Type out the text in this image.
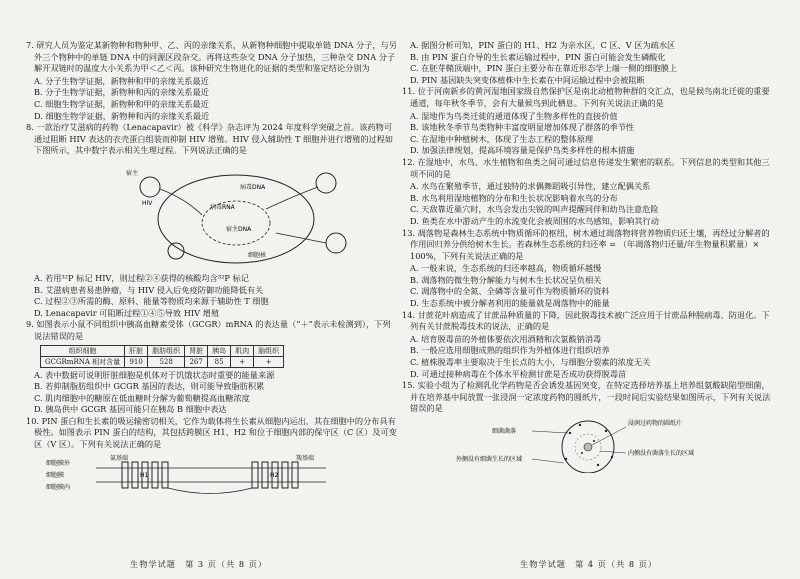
7. 研究人员为鉴定某新物种和物种甲、乙、丙的亲缘关系，从新物种细胞中提取单链 DNA 分子，与另外三个物种中的单链 DNA 中的同源区段杂交。再将这些杂交 DNA 分子加热，三种杂交 DNA 分子解开双链时的温度大小关系为甲＜乙＜丙。该种研究生物进化的证据的类型和鉴定结论分别为

A. 分子生物学证据，新物种和甲的亲缘关系最近

B. 分子生物学证据，新物种和丙的亲缘关系最近

C. 细胞生物学证据，新物种和甲的亲缘关系最近

D. 细胞生物学证据，新物种和丙的亲缘关系最近

8. 一款治疗艾滋病的药物（Lenacapavir）被《科学》杂志评为 2024 年度科学突破之首。该药物可通过阻断 HIV 表达的衣壳蛋白组装而抑制 HIV 增殖。HIV 侵入辅助性 T 细胞并进行增殖的过程如下图所示，其中数字表示相关生理过程。下列说法正确的是

宿主
HIV
细胞核
病毒RNA
病毒DNA
宿主DNA

A. 若用³²P 标记 HIV，则过程②④获得的核酸均含³²P 标记

B. 艾滋病患者易患肿瘤，与 HIV 侵入后免疫防御功能降低有关

C. 过程②③所需的酶、原料、能量等物质均来源于辅助性 T 细胞

D. Lenacapavir 可阻断过程①④⑤导致 HIV 增殖

9. 如图表示小鼠不同组织中胰高血糖素受体（GCGR）mRNA 的表达量（“＋”表示未检测到），下列说法错误的是

组织细胞	肝脏	脂肪组织	肾脏	胰岛	肌肉	脑组织
GCGRmRNA 相对含量	910	528	267	85	+	+

A. 表中数据可说明肝脏细胞是机体对于饥饿状态时重要的能量来源

B. 若抑制脂肪组织中 GCGR 基因的表达，则可能导致脂肪积累

C. 肌肉细胞中的糖原在低血糖时分解为葡萄糖提高血糖浓度

D. 胰岛供中 GCGR 基因可能只在胰岛 B 细胞中表达

10. PIN 蛋白和生长素的吸运输密切相关，它作为载体将生长素从细胞内运出，其在细胞中的分布具有极性。如图表示 PIN 蛋白的结构，其包括跨膜区 H1、H2 和位于细胞内部的保守区（C 区）及可变区（V 区）。下列有关说法正确的是

氨基端	羧基端
细胞膜外
细胞膜
细胞膜内
H1	H2

A. 据图分析可知，PIN 蛋白的 H1、H2 为亲水区，C 区、V 区为疏水区

B. 由 PIN 蛋白介导的生长素运输过程中，PIN 蛋白可能会发生磷酸化

C. 在胚芽鞘顶端中，PIN 蛋白主要分布在靠近形态学上端一侧的细胞膜上

D. PIN 基因缺失突变体植株中生长素在中间运输过程中会被阻断

11. 位于河南新乡的黄河湿地国家级自然保护区是南北动植物种群的交汇点，也是候鸟南北迁徙的重要通道，每年秋冬季节，会有大量候鸟到此栖息。下列有关说法正确的是

A. 湿地作为鸟类迁徙的通道体现了生物多样性的直接价值

B. 该地秋冬季节鸟类物种丰富度明显增加体现了群落的季节性

C. 在湿地中种植树木，体现了生态工程的整体原理

D. 加强法律规划，提高环境容量是保护鸟类多样性的根本措施

12. 在湿地中，水鸟、水生植物和鱼类之间可通过信息传递发生繁密的联系。下列信息的类型和其他三项不同的是

A. 水鸟在繁殖季节，通过独特的求偶舞蹈吸引异性，建立配偶关系

B. 水鸟利用湿地植物的分布和生长状况影响着水鸟的分布

C. 天敌靠近巢穴时，水鸟会发出尖锐的叫声提醒同伴和幼鸟注意危险

D. 鱼类在水中游动产生的水流变化会被周围的水鸟感知，影响其行动

13. 凋落物是森林生态系统中物质循环的枢纽，树木通过凋落物将营养物质归还土壤，再经过分解者的作用回归养分供给树木生长。若森林生态系统的归还率 = （年凋落物归还量/年生物量积累量）× 100%，下列有关说法正确的是

A. 一般来说，生态系统的归还率越高，物质循环越慢

B. 凋落物的微生物分解能力与树木生长状况呈负相关

C. 凋落物中的全氮、全磷等含量可作为物质循环的资料

D. 生态系统中被分解者利用的能量就是凋落物中的能量

14. 甘蔗花叶病造成了甘蔗品种质量的下降，因此脱毒技术被广泛应用于甘蔗品种脱病毒、防退化。下列有关甘蔗脱毒技术的说法，正确的是

A. 培育脱毒苗的外植体要依次用酒精和次氯酸钠消毒

B. 一般应选用细胞成熟的组织作为外植体进行组织培养

C. 植株脱毒率主要取决于生长点的大小，与细胞分裂素的浓度无关

D. 可通过接种病毒在个体水平检测甘蔗是否成功获得脱毒苗

15. 实验小组为了检测乳化学药物是否会诱发基因突变，在特定选择培养基上培养组氨酸缺陷型细菌，并在培养基中间放置一张浸润一定浓度药物的圆纸片，一段时间后实验结果如图所示，下列有关说法错误的是

细菌菌落
浸润过药物的圆纸片
内侧没有菌落生长的区域
外侧没有细菌生长的区域
生物学试题　第 3 页（共 8 页）	生物学试题　第 4 页（共 8 页）
